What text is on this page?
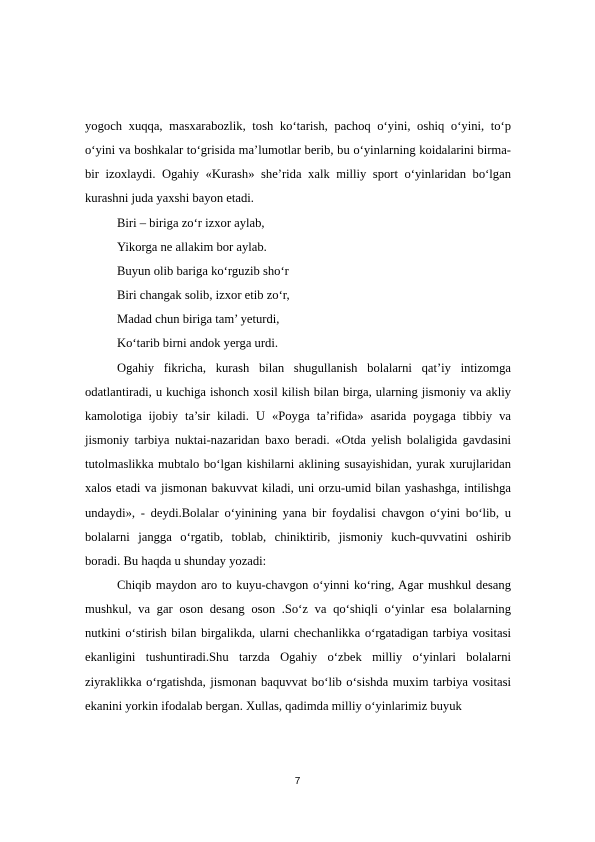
yogoch xuqqa, masxarabozlik, tosh ko‘tarish, pachoq o‘yini, oshiq o‘yini, to‘p o‘yini va boshkalar to‘grisida ma’lumotlar berib, bu o‘yinlarning koidalarini birma-bir izoxlaydi. Ogahiy «Kurash» she’rida xalk milliy sport o‘yinlaridan bo‘lgan kurashni juda yaxshi bayon etadi.

Biri – biriga zo‘r izxor aylab,

Yikorga ne allakim bor aylab.

Buyun olib bariga ko‘rguzib sho‘r

Biri changak solib, izxor etib zo‘r,

Madad chun biriga tam’ yeturdi,

Ko‘tarib birni andok yerga urdi.

Ogahiy fikricha, kurash bilan shugullanish bolalarni qat’iy intizomga odatlantiradi, u kuchiga ishonch xosil kilish bilan birga, ularning jismoniy va akliy kamolotiga ijobiy ta’sir kiladi. U «Poyga ta’rifida» asarida poygaga tibbiy va jismoniy tarbiya nuktai-nazaridan baxo beradi. «Otda yelish bolaligida gavdasini tutolmaslikka mubtalo bo‘lgan kishilarni aklining susayishidan, yurak xurujlaridan xalos etadi va jismonan bakuvvat kiladi, uni orzu-umid bilan yashashga, intilishga undaydi», - deydi.Bolalar o‘yinining yana bir foydalisi chavgon o‘yini bo‘lib, u bolalarni jangga o‘rgatib, toblab, chiniktirib, jismoniy kuch-quvvatini oshirib boradi. Bu haqda u shunday yozadi:

Chiqib maydon aro to kuyu-chavgon o‘yinni ko‘ring, Agar mushkul desang mushkul, va gar oson desang oson .So‘z va qo‘shiqli o‘yinlar esa bolalarning nutkini o‘stirish bilan birgalikda, ularni chechanlikka o‘rgatadigan tarbiya vositasi ekanligini tushuntiradi.Shu tarzda Ogahiy o‘zbek milliy o‘yinlari bolalarni ziyraklikka o‘rgatishda, jismonan baquvvat bo‘lib o‘sishda muxim tarbiya vositasi ekanini yorkin ifodalab bergan. Xullas, qadimda milliy o‘yinlarimiz buyuk

7
